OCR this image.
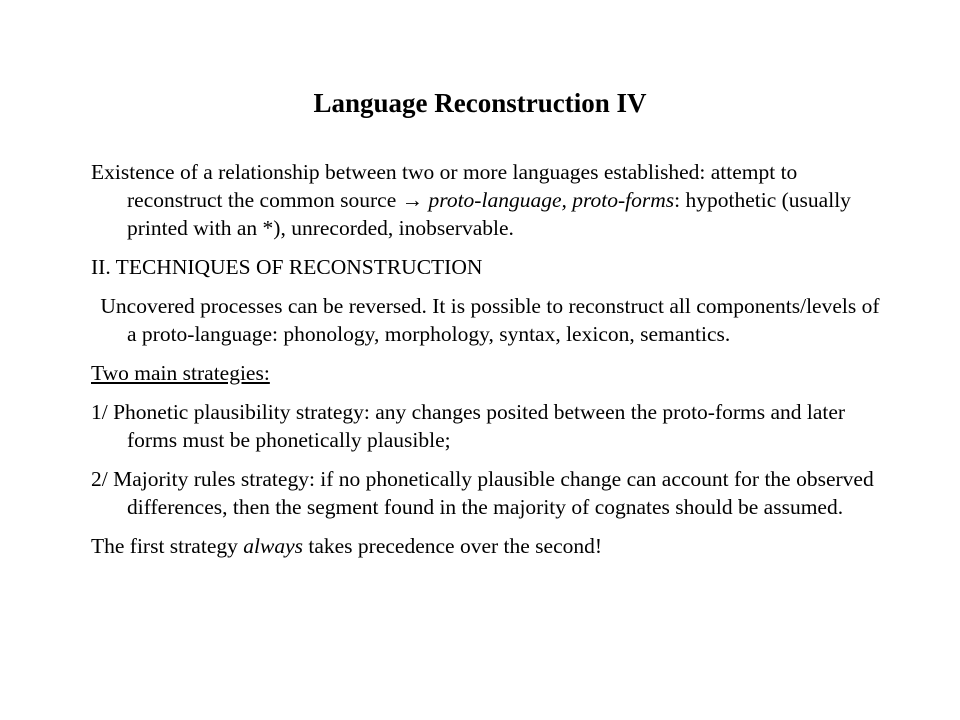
Language Reconstruction IV

Existence of a relationship between two or more languages established: attempt to reconstruct the common source → proto-language, proto-forms: hypothetic (usually printed with an *), unrecorded, inobservable.

II. TECHNIQUES OF RECONSTRUCTION

Uncovered processes can be reversed. It is possible to reconstruct all components/levels of a proto-language: phonology, morphology, syntax, lexicon, semantics.

Two main strategies:

1/ Phonetic plausibility strategy: any changes posited between the proto-forms and later forms must be phonetically plausible;

2/ Majority rules strategy: if no phonetically plausible change can account for the observed differences, then the segment found in the majority of cognates should be assumed.

The first strategy always takes precedence over the second!
